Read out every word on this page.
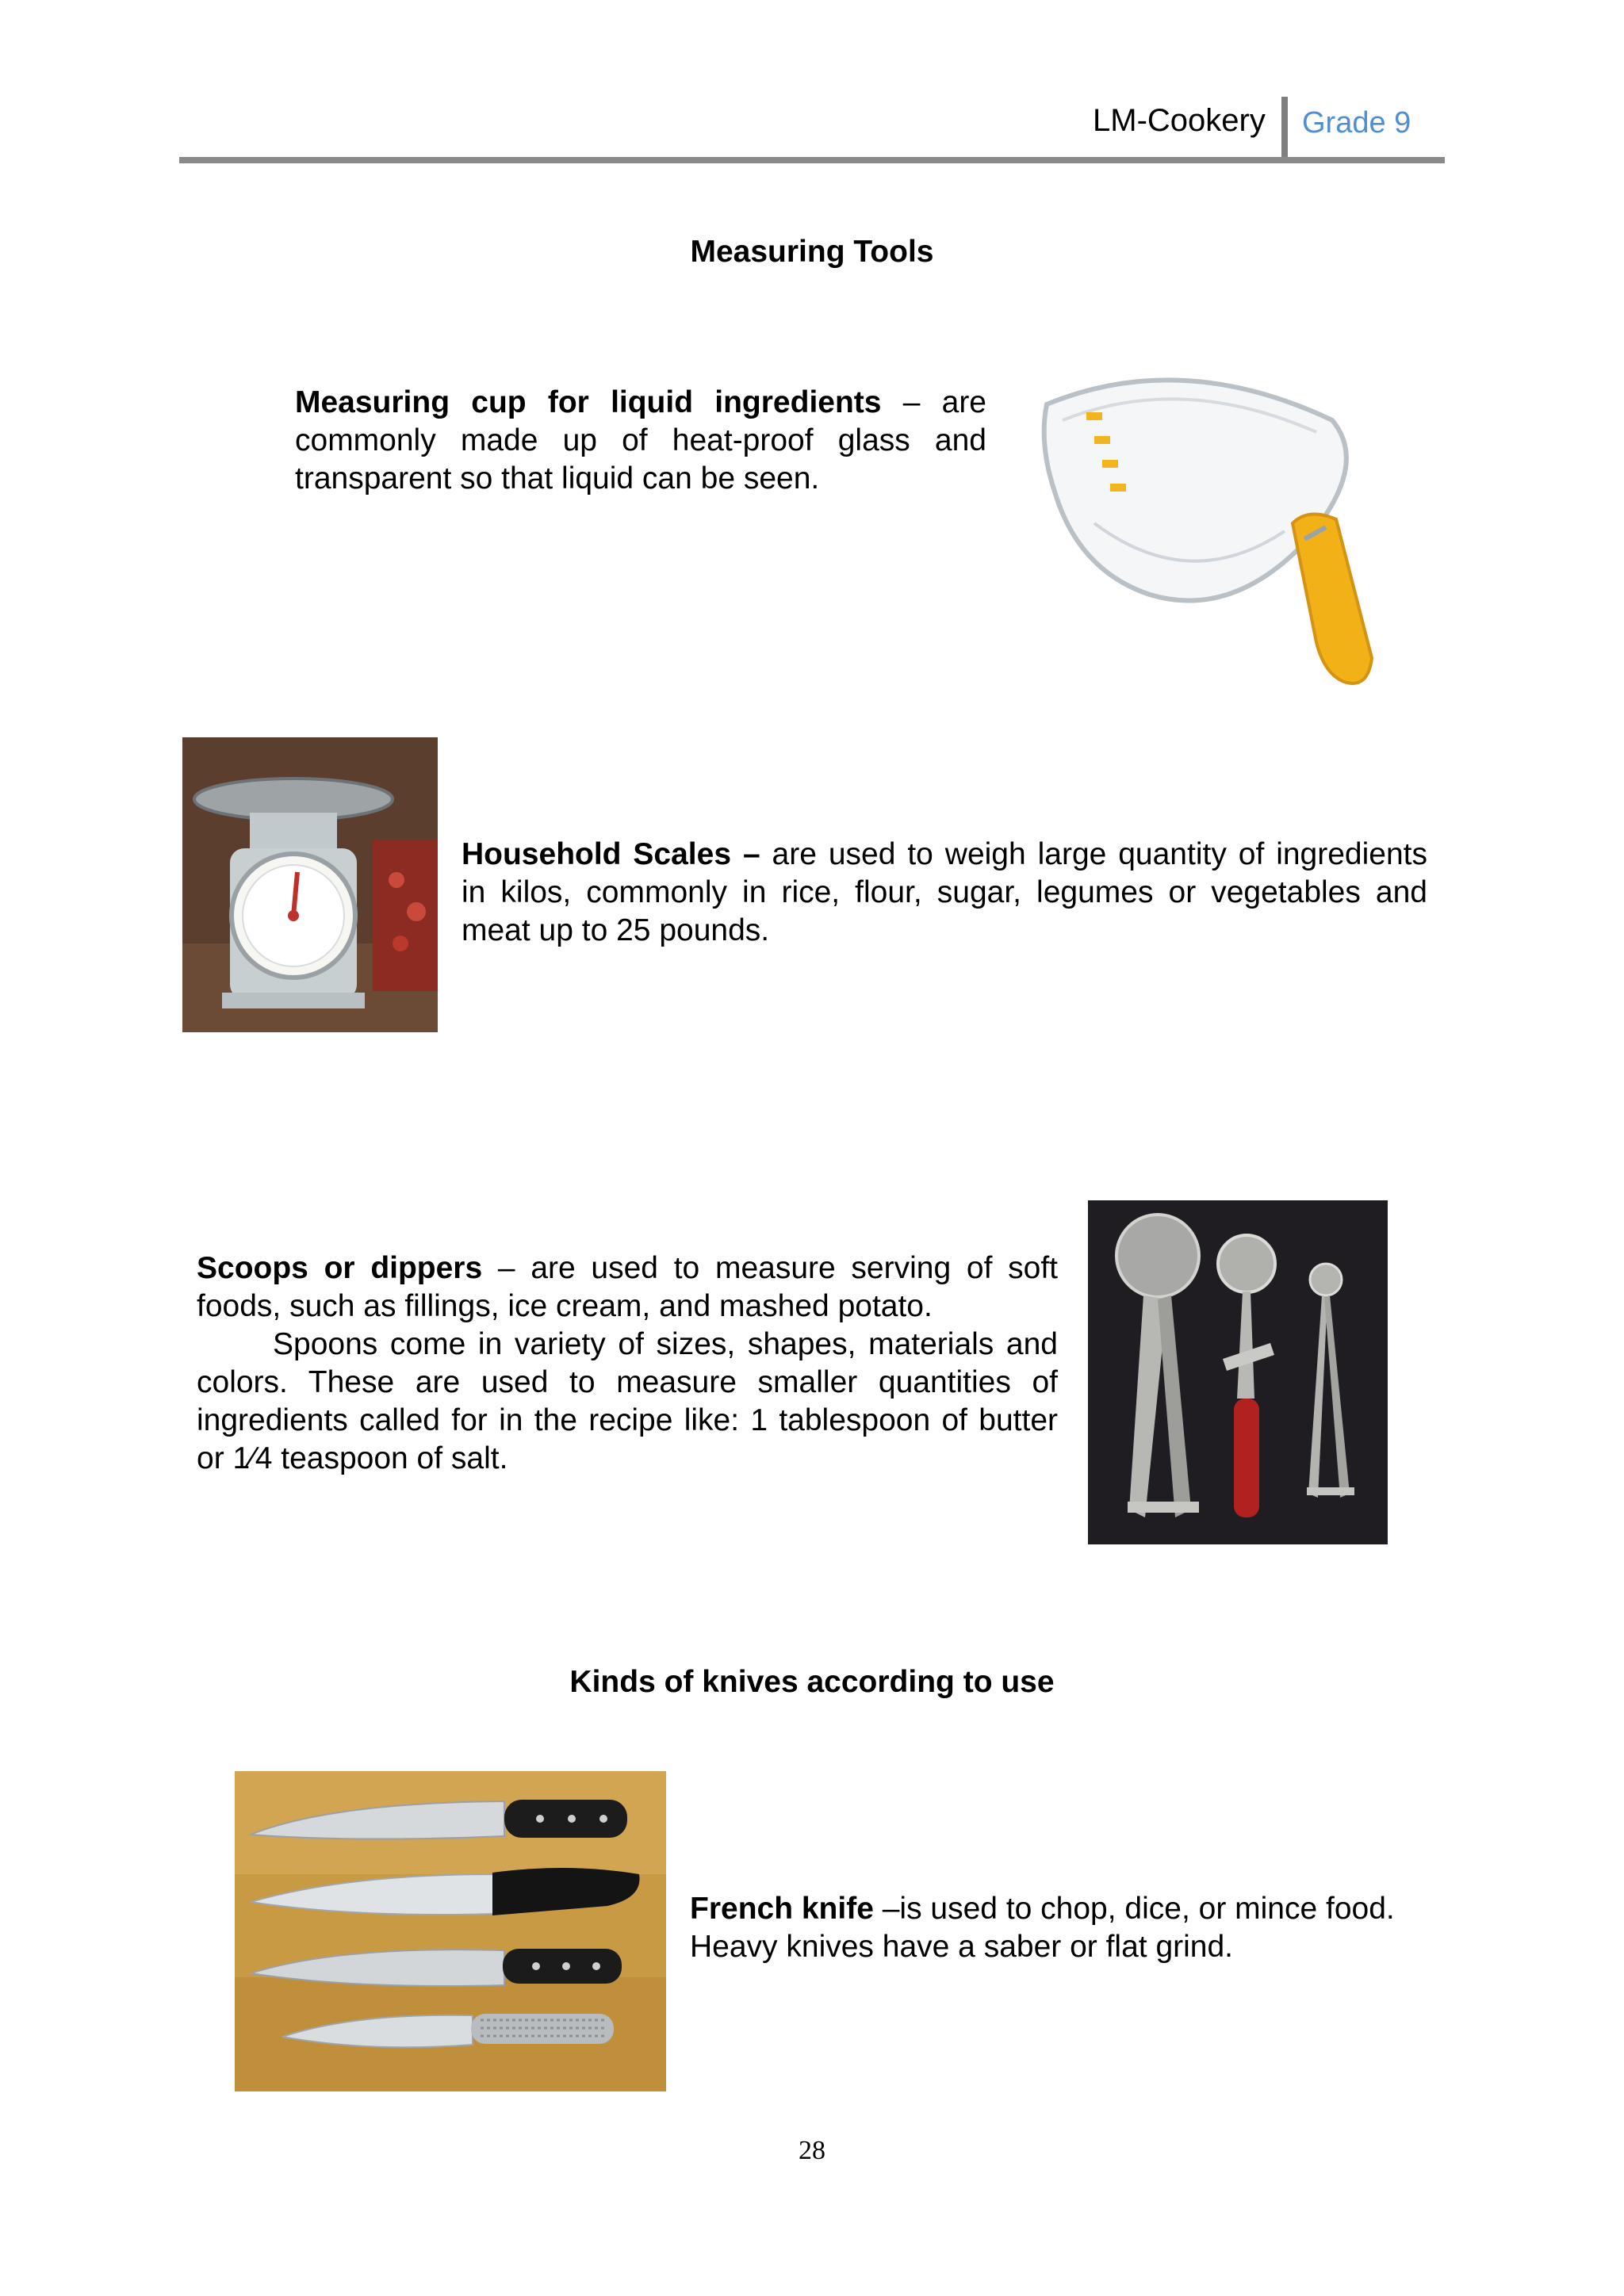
LM-Cookery Grade 9
Measuring Tools
Measuring cup for liquid ingredients – are commonly made up of heat-proof glass and transparent so that liquid can be seen.
Household Scales – are used to weigh large quantity of ingredients in kilos, commonly in rice, flour, sugar, legumes or vegetables and meat up to 25 pounds.
Scoops or dippers – are used to measure serving of soft foods, such as fillings, ice cream, and mashed potato.
Spoons come in variety of sizes, shapes, materials and colors. These are used to measure smaller quantities of ingredients called for in the recipe like: 1 tablespoon of butter or 1⁄4 teaspoon of salt.
Kinds of knives according to use
French knife –is used to chop, dice, or mince food. Heavy knives have a saber or flat grind.
28
